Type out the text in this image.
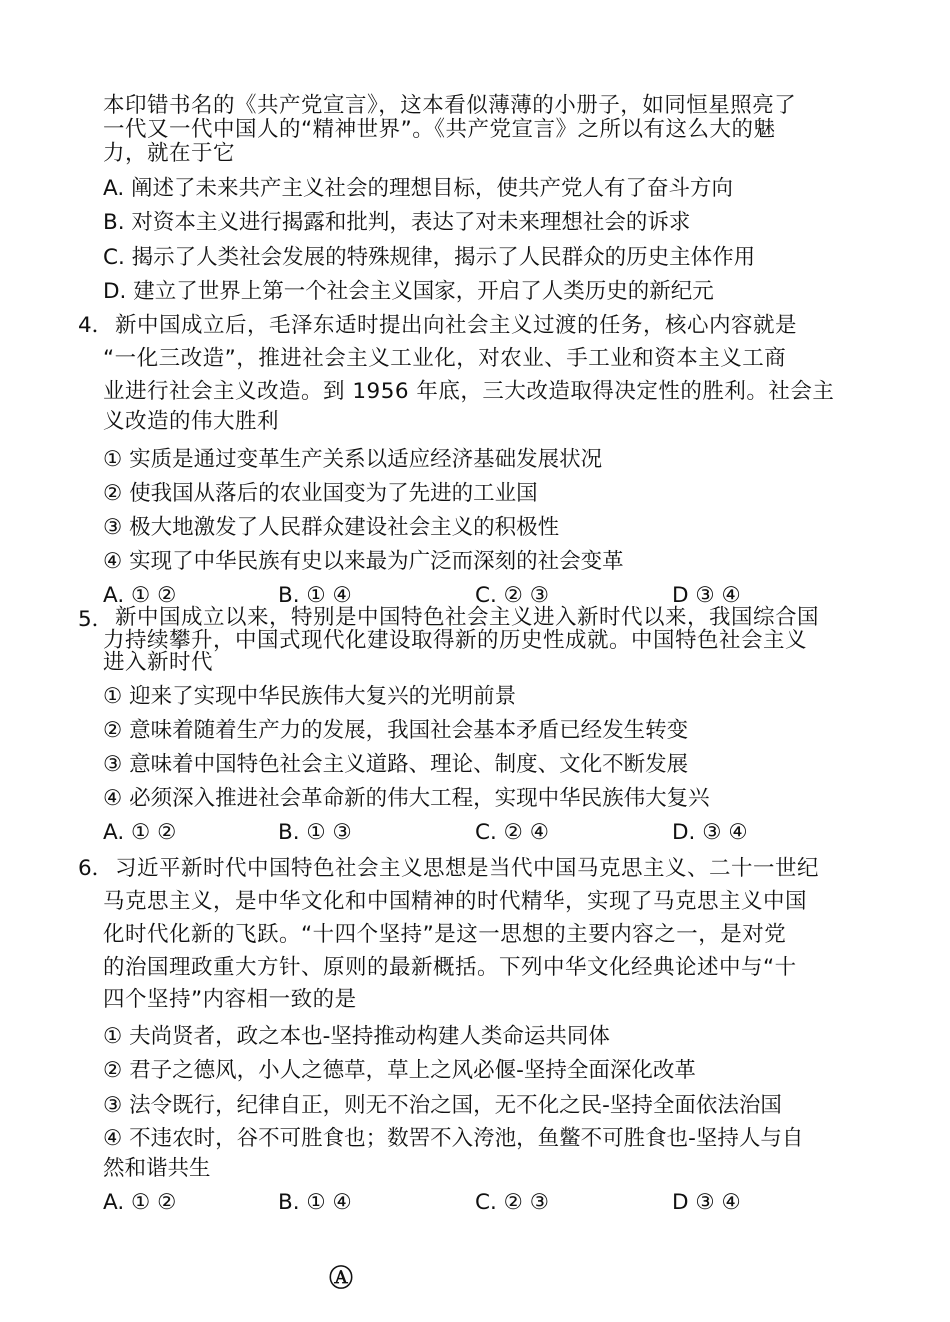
本印错书名的《共产党宣言》，这本看似薄薄的小册子，如同恒星照亮了
一代又一代中国人的“精神世界”。《共产党宣言》之所以有这么大的魅
力，就在于它
A. 阐述了未来共产主义社会的理想目标，使共产党人有了奋斗方向
B. 对资本主义进行揭露和批判，表达了对未来理想社会的诉求
C. 揭示了人类社会发展的特殊规律，揭示了人民群众的历史主体作用
D. 建立了世界上第一个社会主义国家，开启了人类历史的新纪元
4． 新中国成立后，毛泽东适时提出向社会主义过渡的任务，核心内容就是
“一化三改造”，推进社会主义工业化，对农业、手工业和资本主义工商
业进行社会主义改造。到 1956 年底，三大改造取得决定性的胜利。社会主
义改造的伟大胜利
① 实质是通过变革生产关系以适应经济基础发展状况
② 使我国从落后的农业国变为了先进的工业国
③ 极大地激发了人民群众建设社会主义的积极性
④ 实现了中华民族有史以来最为广泛而深刻的社会变革
A. ① ②	B. ① ④	C. ② ③	D ③ ④
5． 新中国成立以来，特别是中国特色社会主义进入新时代以来，我国综合国
力持续攀升，中国式现代化建设取得新的历史性成就。中国特色社会主义
进入新时代
① 迎来了实现中华民族伟大复兴的光明前景
② 意味着随着生产力的发展，我国社会基本矛盾已经发生转变
③ 意味着中国特色社会主义道路、理论、制度、文化不断发展
④ 必须深入推进社会革命新的伟大工程，实现中华民族伟大复兴
A. ① ②	B. ① ③	C. ② ④	D. ③ ④
6． 习近平新时代中国特色社会主义思想是当代中国马克思主义、二十一世纪
马克思主义，是中华文化和中国精神的时代精华，实现了马克思主义中国
化时代化新的飞跃。“十四个坚持”是这一思想的主要内容之一，是对党
的治国理政重大方针、原则的最新概括。下列中华文化经典论述中与“十
四个坚持”内容相一致的是
① 夫尚贤者，政之本也-坚持推动构建人类命运共同体
② 君子之德风，小人之德草，草上之风必偃-坚持全面深化改革
③ 法令既行，纪律自正，则无不治之国，无不化之民-坚持全面依法治国
④ 不违农时，谷不可胜食也；数罟不入洿池，鱼鳖不可胜食也-坚持人与自
然和谐共生
A. ① ②	B. ① ④	C. ② ③	D ③ ④
Ⓐ
